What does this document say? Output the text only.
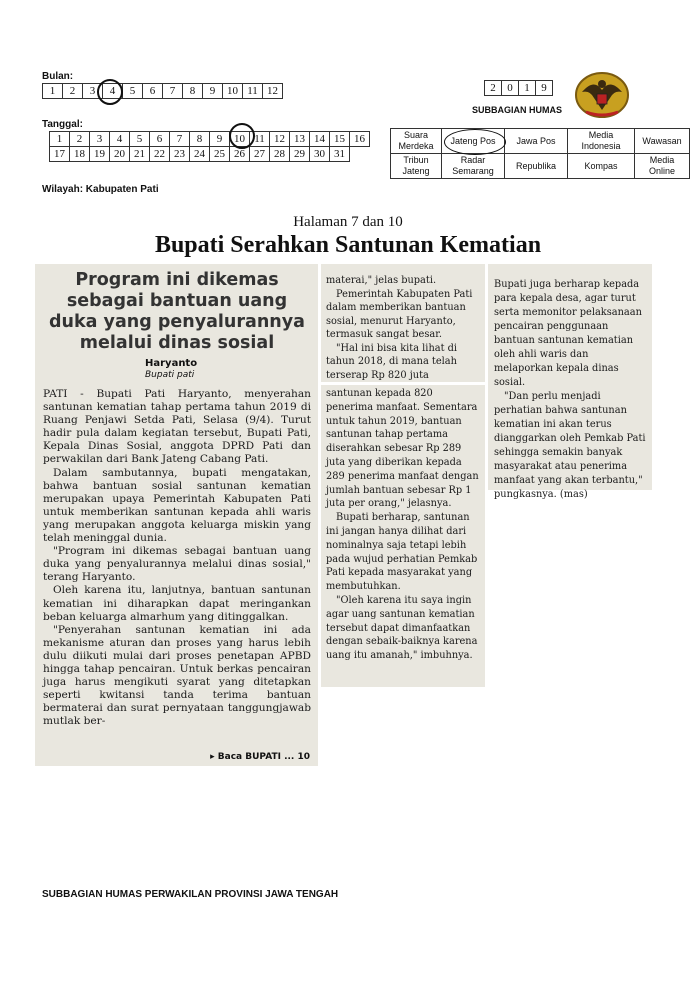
Bulan:
1	2	3	4	5	6	7	8	9	10	11	12
Tanggal:
1	2	3	4	5	6	7	8	9	10	11	12	13	14	15	16
17	18	19	20	21	22	23	24	25	26	27	28	29	30	31	
Wilayah: Kabupaten Pati
2	0	1	9
SUBBAGIAN HUMAS
Suara Merdeka	Jateng Pos	Jawa Pos	Media Indonesia	Wawasan
Tribun Jateng	Radar Semarang	Republika	Kompas	Media Online
Halaman 7 dan 10
Bupati Serahkan Santunan Kematian
Program ini dikemas sebagai bantuan uang duka yang penyalurannya melalui dinas sosial
Haryanto
Bupati pati

PATI - Bupati Pati Haryanto, menyerahan santunan kematian tahap pertama tahun 2019 di Ruang Penjawi Setda Pati, Selasa (9/4). Turut hadir pula dalam kegiatan tersebut, Bupati Pati, Kepala Dinas Sosial, anggota DPRD Pati dan perwakilan dari Bank Jateng Cabang Pati.

Dalam sambutannya, bupati mengatakan, bahwa bantuan sosial santunan kematian merupakan upaya Pemerintah Kabupaten Pati untuk memberikan santunan kepada ahli waris yang merupakan anggota keluarga miskin yang telah meninggal dunia.

"Program ini dikemas sebagai bantuan uang duka yang penyalurannya melalui dinas sosial," terang Haryanto.

Oleh karena itu, lanjutnya, bantuan santunan kematian ini diharapkan dapat meringankan beban keluarga almarhum yang ditinggalkan.

"Penyerahan santunan kematian ini ada mekanisme aturan dan proses yang harus lebih dulu diikuti mulai dari proses penetapan APBD hingga tahap pencairan. Untuk berkas pencairan juga harus mengikuti syarat yang ditetapkan seperti kwitansi tanda terima bantuan bermaterai dan surat pernyataan tanggungjawab mutlak ber-

▸ Baca BUPATI ... 10

materai," jelas bupati.

Pemerintah Kabupaten Pati dalam memberikan bantuan sosial, menurut Haryanto, termasuk sangat besar.

"Hal ini bisa kita lihat di tahun 2018, di mana telah terserap Rp 820 juta

santunan kepada 820 penerima manfaat. Sementara untuk tahun 2019, bantuan santunan tahap pertama diserahkan sebesar Rp 289 juta yang diberikan kepada 289 penerima manfaat dengan jumlah bantuan sebesar Rp 1 juta per orang," jelasnya.

Bupati berharap, santunan ini jangan hanya dilihat dari nominalnya saja tetapi lebih pada wujud perhatian Pemkab Pati kepada masyarakat yang membutuhkan.

"Oleh karena itu saya ingin agar uang santunan kematian tersebut dapat dimanfaatkan dengan sebaik-baiknya karena uang itu amanah," imbuhnya.

Bupati juga berharap kepada para kepala desa, agar turut serta memonitor pelaksanaan pencairan penggunaan bantuan santunan kematian oleh ahli waris dan melaporkan kepala dinas sosial.

"Dan perlu menjadi perhatian bahwa santunan kematian ini akan terus dianggarkan oleh Pemkab Pati sehingga semakin banyak masyarakat atau penerima manfaat yang akan terbantu," pungkasnya. (mas)

SUBBAGIAN HUMAS PERWAKILAN PROVINSI JAWA TENGAH
